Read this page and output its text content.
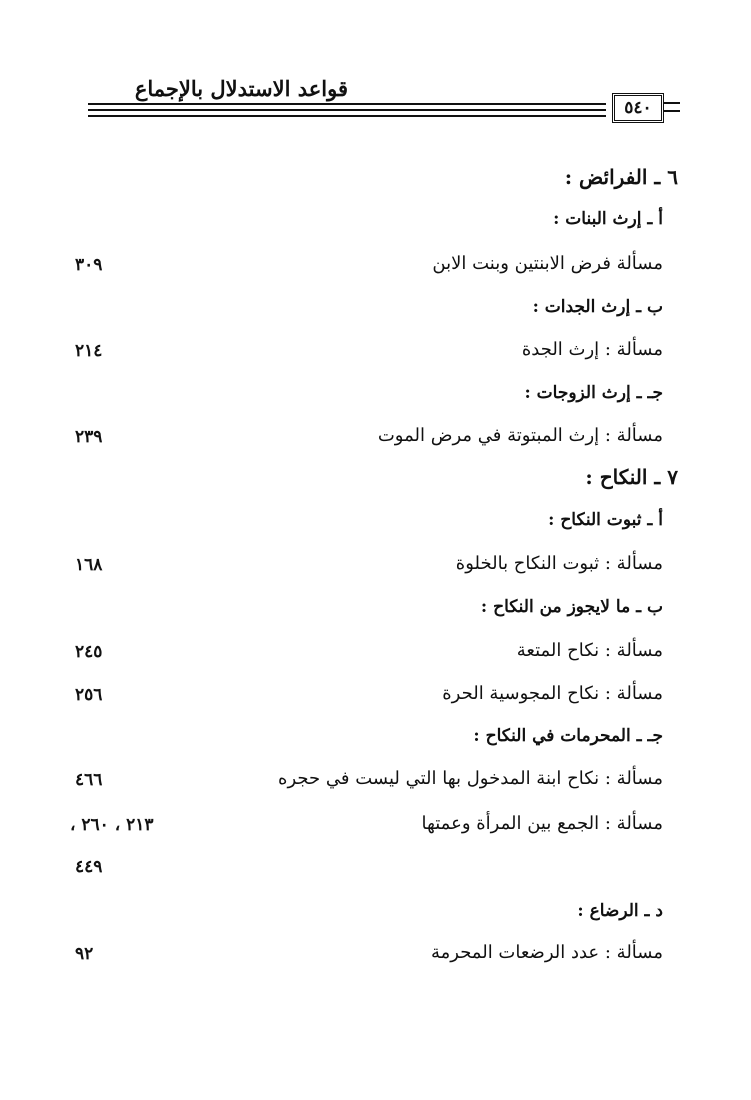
قواعد الاستدلال بالإجماع
٥٤٠
٦ ـ الفرائض :
أ ـ إرث البنات :
مسألة فرض الابنتين وبنت الابن
٣٠٩
ب ـ إرث الجدات :
مسألة : إرث الجدة
٢١٤
جـ ـ إرث الزوجات :
مسألة : إرث المبتوتة في مرض الموت
٢٣٩
٧ ـ النكاح :
أ ـ ثبوت النكاح :
مسألة : ثبوت النكاح بالخلوة
١٦٨
ب ـ ما لايجوز من النكاح :
مسألة : نكاح المتعة
٢٤٥
مسألة : نكاح المجوسية الحرة
٢٥٦
جـ ـ المحرمات في النكاح :
مسألة : نكاح ابنة المدخول بها التي ليست في حجره
٤٦٦
مسألة : الجمع بين المرأة وعمتها
٢١٣ ، ٢٦٠ ،
٤٤٩
د ـ الرضاع :
مسألة : عدد الرضعات المحرمة
٩٢
